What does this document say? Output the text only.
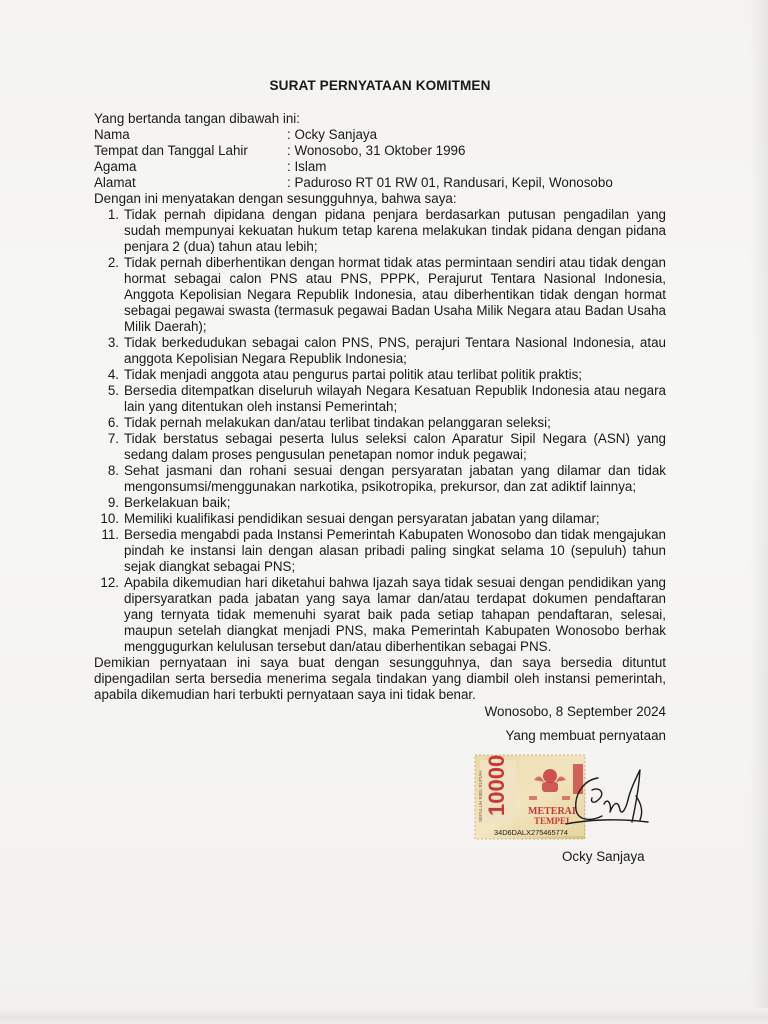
SURAT PERNYATAAN KOMITMEN
Yang bertanda tangan dibawah ini:
Nama	: Ocky Sanjaya
Tempat dan Tanggal Lahir	: Wonosobo, 31 Oktober 1996
Agama	: Islam
Alamat	: Paduroso RT 01 RW 01, Randusari, Kepil, Wonosobo
Dengan ini menyatakan dengan sesungguhnya, bahwa saya:
1. Tidak pernah dipidana dengan pidana penjara berdasarkan putusan pengadilan yang sudah mempunyai kekuatan hukum tetap karena melakukan tindak pidana dengan pidana penjara 2 (dua) tahun atau lebih;
2. Tidak pernah diberhentikan dengan hormat tidak atas permintaan sendiri atau tidak dengan hormat sebagai calon PNS atau PNS, PPPK, Perajurut Tentara Nasional Indonesia, Anggota Kepolisian Negara Republik Indonesia, atau diberhentikan tidak dengan hormat sebagai pegawai swasta (termasuk pegawai Badan Usaha Milik Negara atau Badan Usaha Milik Daerah);
3. Tidak berkedudukan sebagai calon PNS, PNS, perajuri Tentara Nasional Indonesia, atau anggota Kepolisian Negara Republik Indonesia;
4. Tidak menjadi anggota atau pengurus partai politik atau terlibat politik praktis;
5. Bersedia ditempatkan diseluruh wilayah Negara Kesatuan Republik Indonesia atau negara lain yang ditentukan oleh instansi Pemerintah;
6. Tidak pernah melakukan dan/atau terlibat tindakan pelanggaran seleksi;
7. Tidak berstatus sebagai peserta lulus seleksi calon Aparatur Sipil Negara (ASN) yang sedang dalam proses pengusulan penetapan nomor induk pegawai;
8. Sehat jasmani dan rohani sesuai dengan persyaratan jabatan yang dilamar dan tidak mengonsumsi/menggunakan narkotika, psikotropika, prekursor, dan zat adiktif lainnya;
9. Berkelakuan baik;
10. Memiliki kualifikasi pendidikan sesuai dengan persyaratan jabatan yang dilamar;
11. Bersedia mengabdi pada Instansi Pemerintah Kabupaten Wonosobo dan tidak mengajukan pindah ke instansi lain dengan alasan pribadi paling singkat selama 10 (sepuluh) tahun sejak diangkat sebagai PNS;
12. Apabila dikemudian hari diketahui bahwa Ijazah saya tidak sesuai dengan pendidikan yang dipersyaratkan pada jabatan yang saya lamar dan/atau terdapat dokumen pendaftaran yang ternyata tidak memenuhi syarat baik pada setiap tahapan pendaftaran, selesai, maupun setelah diangkat menjadi PNS, maka Pemerintah Kabupaten Wonosobo berhak menggugurkan kelulusan tersebut dan/atau diberhentikan sebagai PNS.
Demikian pernyataan ini saya buat dengan sesungguhnya, dan saya bersedia dituntut dipengadilan serta bersedia menerima segala tindakan yang diambil oleh instansi pemerintah, apabila dikemudian hari terbukti pernyataan saya ini tidak benar.
Wonosobo, 8 September 2024
Yang membuat pernyataan
10000
SEPULUH RIBU RUPIAH	METERAI
TEMPEL
34D6DALX275465774
Ocky Sanjaya
